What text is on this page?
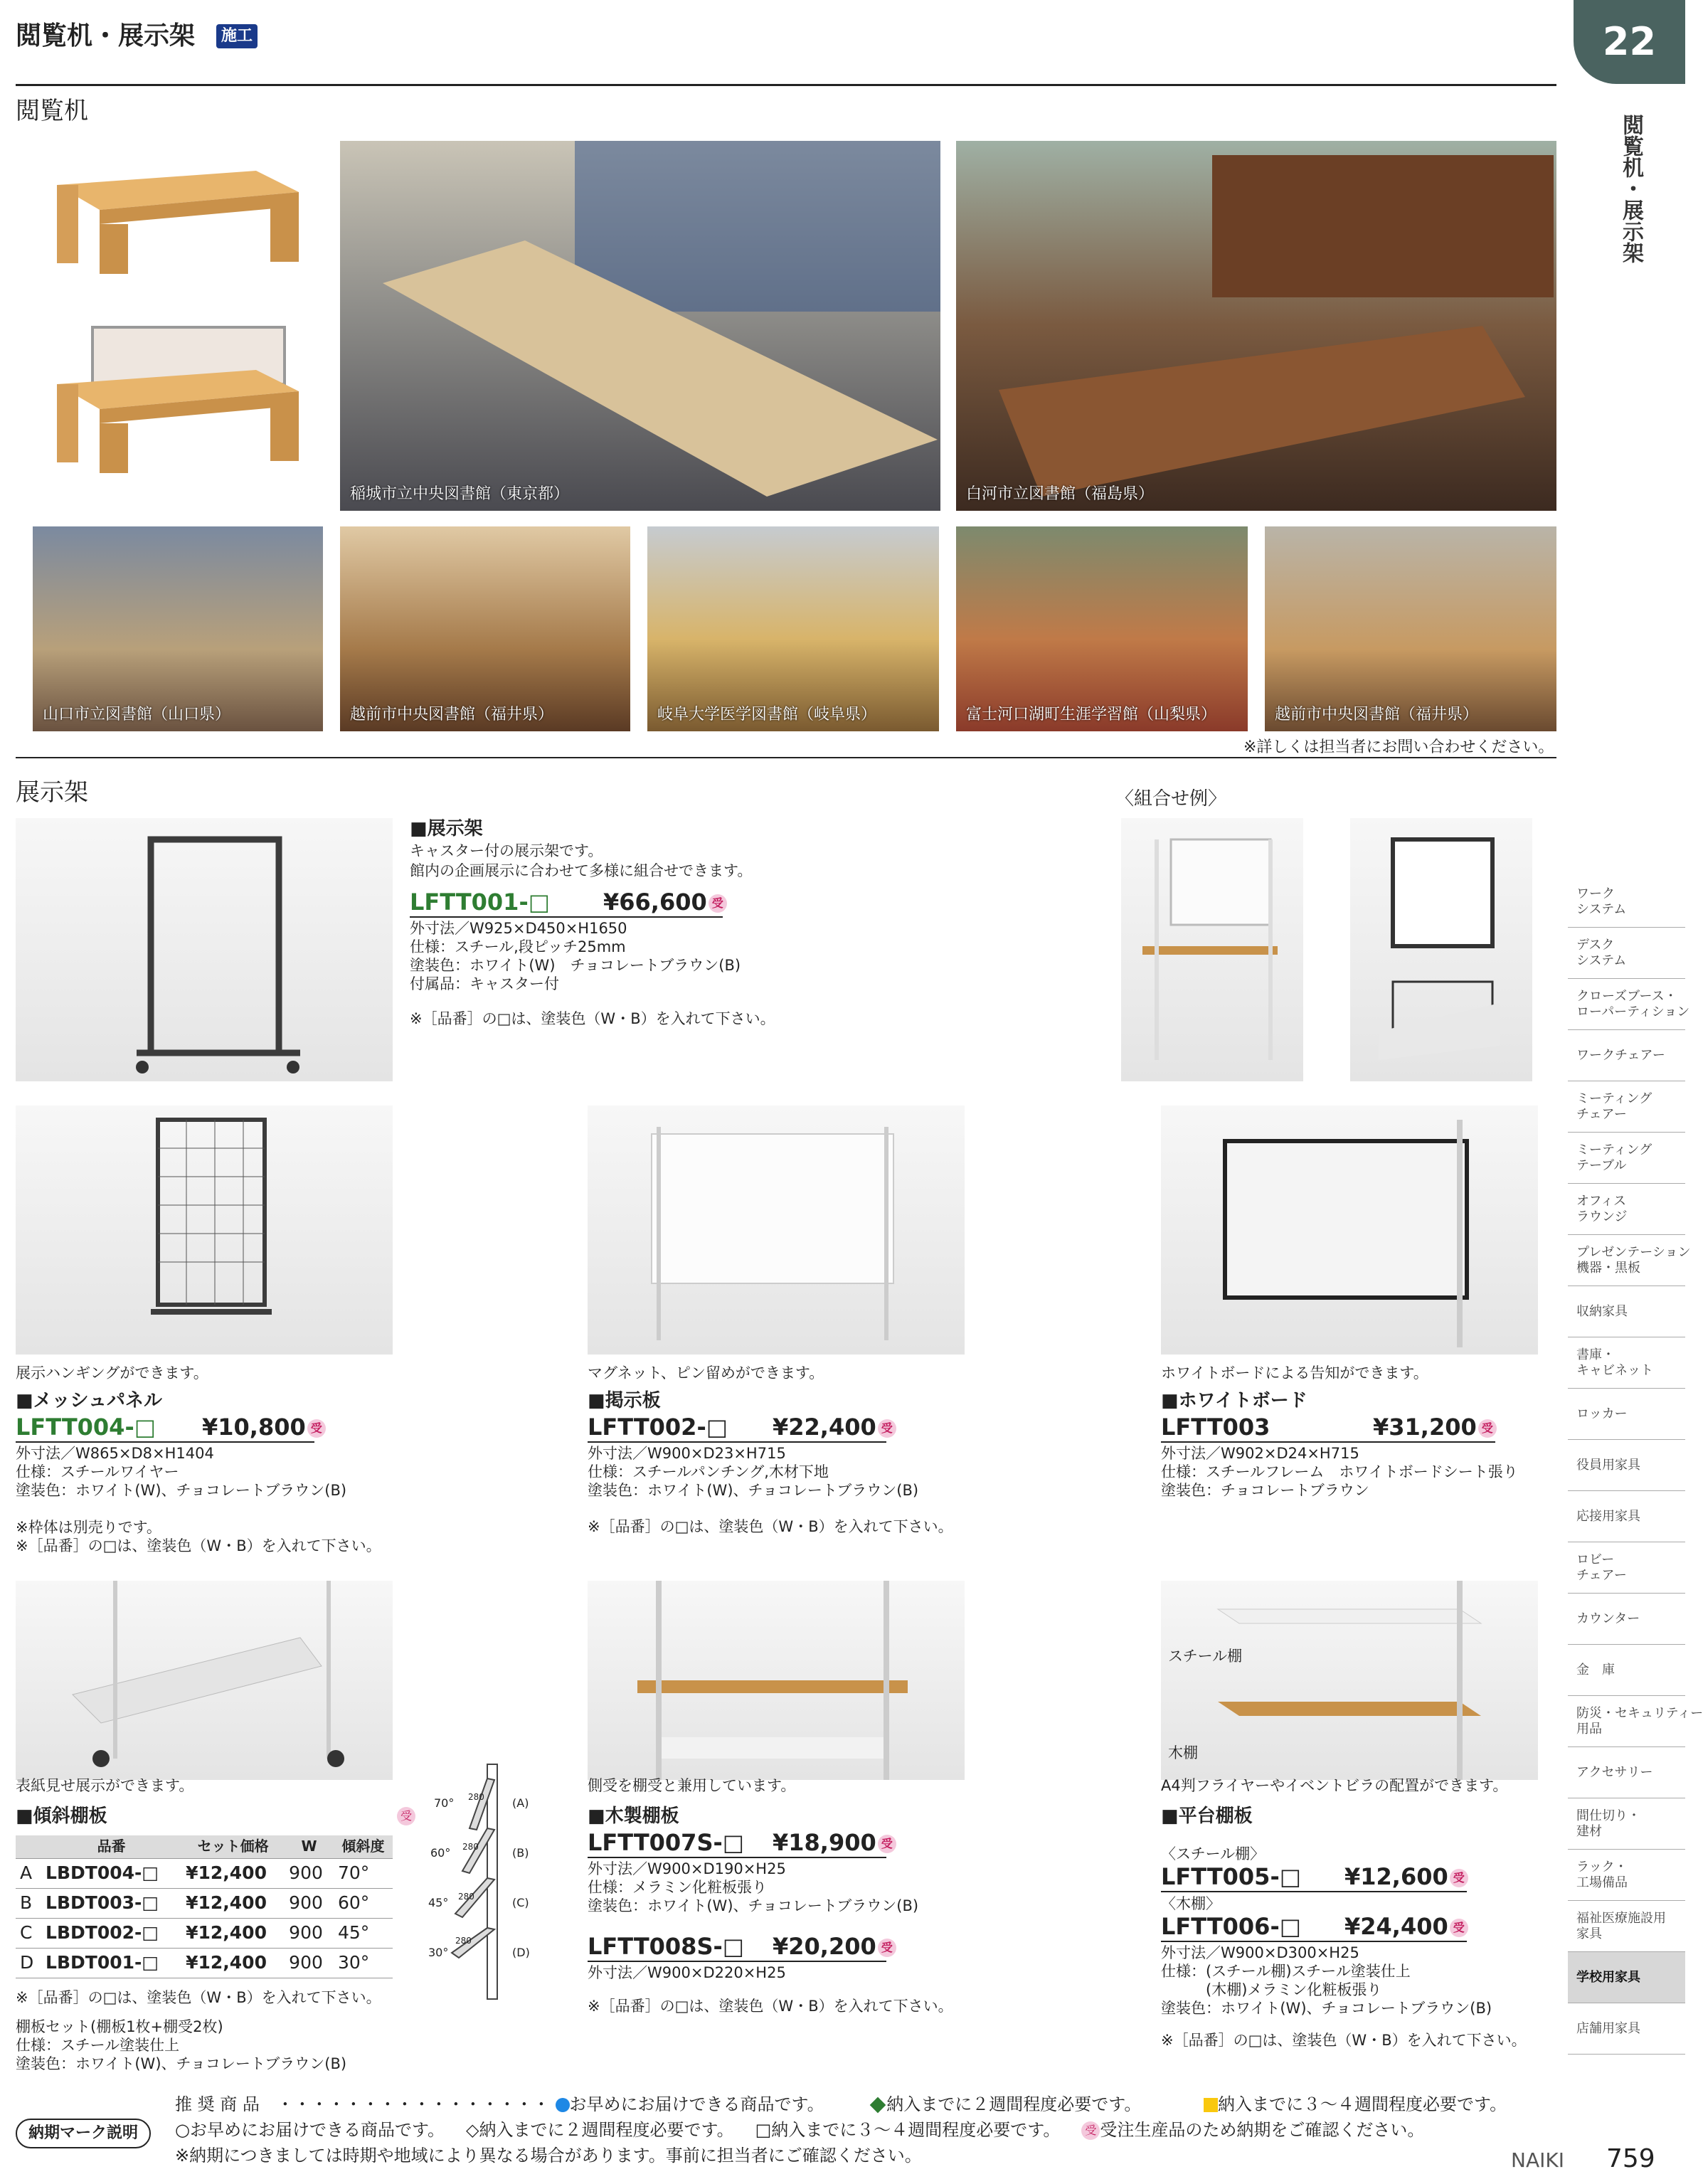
閲覧机・展示架	施工	22
閲覧机・展示架
閲覧机
稲城市立中央図書館（東京都）	白河市立図書館（福島県）
山口市立図書館（山口県）	越前市中央図書館（福井県）	岐阜大学医学図書館（岐阜県）	富士河口湖町生涯学習館（山梨県）	越前市中央図書館（福井県）
※詳しくは担当者にお問い合わせください。
展示架
■展示架
キャスター付の展示架です。
館内の企画展示に合わせて多様に組合せできます。
LFTT001-□ ¥66,600 受
外寸法／W925×D450×H1650
仕様：スチール,段ピッチ25mm
塗装色：ホワイト(W)　チョコレートブラウン(B)
付属品：キャスター付
※［品番］の□は、塗装色（W・B）を入れて下さい。
〈組合せ例〉
展示ハンギングができます。
■メッシュパネル
LFTT004-□ ¥10,800 受
外寸法／W865×D8×H1404
仕様：スチールワイヤー
塗装色：ホワイト(W)、チョコレートブラウン(B)
※枠体は別売りです。
※［品番］の□は、塗装色（W・B）を入れて下さい。
マグネット、ピン留めができます。
■掲示板
LFTT002-□ ¥22,400 受
外寸法／W900×D23×H715
仕様：スチールパンチング,木材下地
塗装色：ホワイト(W)、チョコレートブラウン(B)
※［品番］の□は、塗装色（W・B）を入れて下さい。
ホワイトボードによる告知ができます。
■ホワイトボード
LFTT003	¥31,200 受
外寸法／W902×D24×H715
仕様：スチールフレーム　ホワイトボードシート張り
塗装色：チョコレートブラウン
表紙見せ展示ができます。
■傾斜棚板	受
	品番	セット価格	W	傾斜度
A	LBDT004-□	¥12,400	900	70°
B	LBDT003-□	¥12,400	900	60°
C	LBDT002-□	¥12,400	900	45°
D	LBDT001-□	¥12,400	900	30°
※［品番］の□は、塗装色（W・B）を入れて下さい。
棚板セット(棚板1枚+棚受2枚)
仕様：スチール塗装仕上
塗装色：ホワイト(W)、チョコレートブラウン(B)
70°
60°
45°
30°
280
280
280
280
(A)
(B)
(C)
(D)
側受を棚受と兼用しています。
■木製棚板
LFTT007S-□ ¥18,900 受
外寸法／W900×D190×H25
仕様：メラミン化粧板張り
塗装色：ホワイト(W)、チョコレートブラウン(B)
LFTT008S-□ ¥20,200 受
外寸法／W900×D220×H25
※［品番］の□は、塗装色（W・B）を入れて下さい。
スチール棚
木棚
A4判フライヤーやイベントビラの配置ができます。
■平台棚板
〈スチール棚〉
LFTT005-□ ¥12,600 受
〈木棚〉
LFTT006-□ ¥24,400 受
外寸法／W900×D300×H25
仕様：(スチール棚)スチール塗装仕上
　　　(木棚)メラミン化粧板張り
塗装色：ホワイト(W)、チョコレートブラウン(B)
※［品番］の□は、塗装色（W・B）を入れて下さい。
ワーク
システム
デスク
システム
クローズブース・
ローパーティション
ワークチェアー
ミーティング
チェアー
ミーティング
テーブル
オフィス
ラウンジ
プレゼンテーション
機器・黒板
収納家具
書庫・
キャビネット
ロッカー
役員用家具
応接用家具
ロビー
チェアー
カウンター
金　庫
防災・セキュリティー
用品
アクセサリー
間仕切り・
建材
ラック・
工場備品
福祉医療施設用
家具
学校用家具
店舗用家具
納期マーク説明
推 奨 商 品　・・・・・・・・・・・・・・・・ お早めにお届けできる商品です。	納入までに２週間程度必要です。	納入までに３～４週間程度必要です。
○お早めにお届けできる商品です。 ◇納入までに２週間程度必要です。 □納入までに３～４週間程度必要です。 受 受注生産品のため納期をご確認ください。
※納期につきましては時期や地域により異なる場合があります。事前に担当者にご確認ください。	NAIKI 759
